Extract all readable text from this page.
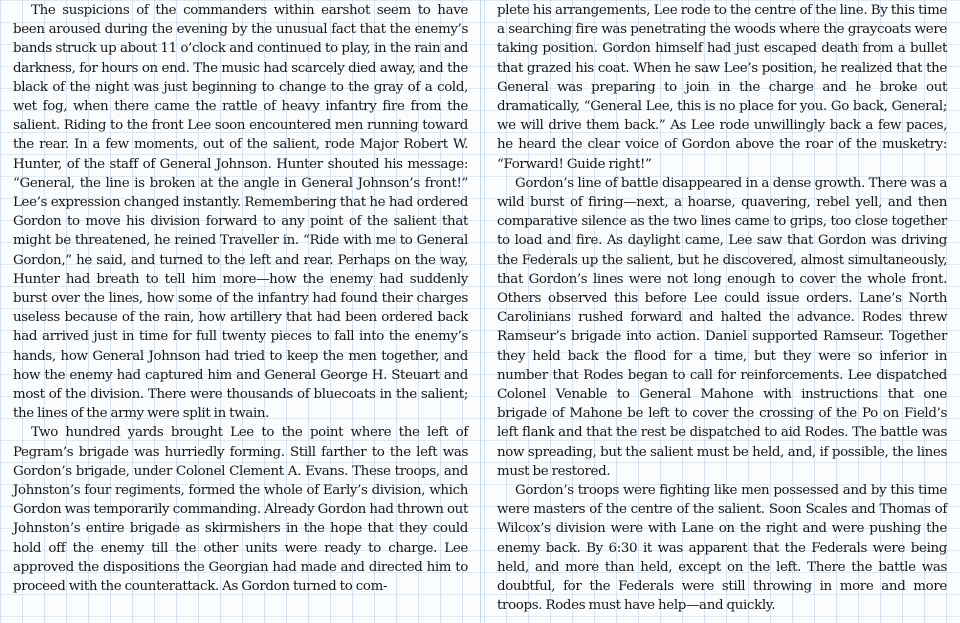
The suspicions of the commanders within earshot seem to have been aroused during the evening by the unusual fact that the enemy’s bands struck up about 11 o’clock and continued to play, in the rain and darkness, for hours on end. The music had scarcely died away, and the black of the night was just beginning to change to the gray of a cold, wet fog, when there came the rattle of heavy infantry fire from the salient. Riding to the front Lee soon encountered men running toward the rear. In a few moments, out of the salient, rode Major Robert W. Hunter, of the staff of General Johnson. Hunter shouted his message: “General, the line is broken at the angle in General Johnson’s front!” Lee’s expression changed instantly. Remembering that he had ordered Gordon to move his division forward to any point of the salient that might be threatened, he reined Traveller in. “Ride with me to General Gordon,” he said, and turned to the left and rear. Perhaps on the way, Hunter had breath to tell him more—how the enemy had suddenly burst over the lines, how some of the infantry had found their charges useless because of the rain, how artillery that had been ordered back had arrived just in time for full twenty pieces to fall into the enemy’s hands, how General Johnson had tried to keep the men together, and how the enemy had captured him and General George H. Steuart and most of the division. There were thousands of bluecoats in the salient; the lines of the army were split in twain.

Two hundred yards brought Lee to the point where the left of Pegram’s brigade was hurriedly forming. Still farther to the left was Gordon’s brigade, under Colonel Clement A. Evans. These troops, and Johnston’s four regiments, formed the whole of Early’s division, which Gordon was temporarily commanding. Already Gordon had thrown out Johnston’s entire brigade as skirmishers in the hope that they could hold off the enemy till the other units were ready to charge. Lee approved the dispositions the Georgian had made and directed him to proceed with the counterattack. As Gordon turned to com-

plete his arrangements, Lee rode to the centre of the line. By this time a searching fire was penetrating the woods where the graycoats were taking position. Gordon himself had just escaped death from a bullet that grazed his coat. When he saw Lee’s position, he realized that the General was preparing to join in the charge and he broke out dramatically, “General Lee, this is no place for you. Go back, General; we will drive them back.” As Lee rode unwillingly back a few paces, he heard the clear voice of Gordon above the roar of the musketry: “Forward! Guide right!”

Gordon’s line of battle disappeared in a dense growth. There was a wild burst of firing—next, a hoarse, quavering, rebel yell, and then comparative silence as the two lines came to grips, too close together to load and fire. As daylight came, Lee saw that Gordon was driving the Federals up the salient, but he discovered, almost simultaneously, that Gordon’s lines were not long enough to cover the whole front. Others observed this before Lee could issue orders. Lane’s North Carolinians rushed forward and halted the advance. Rodes threw Ramseur’s brigade into action. Daniel supported Ramseur. Together they held back the flood for a time, but they were so inferior in number that Rodes began to call for reinforcements. Lee dispatched Colonel Venable to General Mahone with instructions that one brigade of Mahone be left to cover the crossing of the Po on Field’s left flank and that the rest be dispatched to aid Rodes. The battle was now spreading, but the salient must be held, and, if possible, the lines must be restored.

Gordon’s troops were fighting like men possessed and by this time were masters of the centre of the salient. Soon Scales and Thomas of Wilcox’s division were with Lane on the right and were pushing the enemy back. By 6:30 it was apparent that the Federals were being held, and more than held, except on the left. There the battle was doubtful, for the Federals were still throwing in more and more troops. Rodes must have help—and quickly.
